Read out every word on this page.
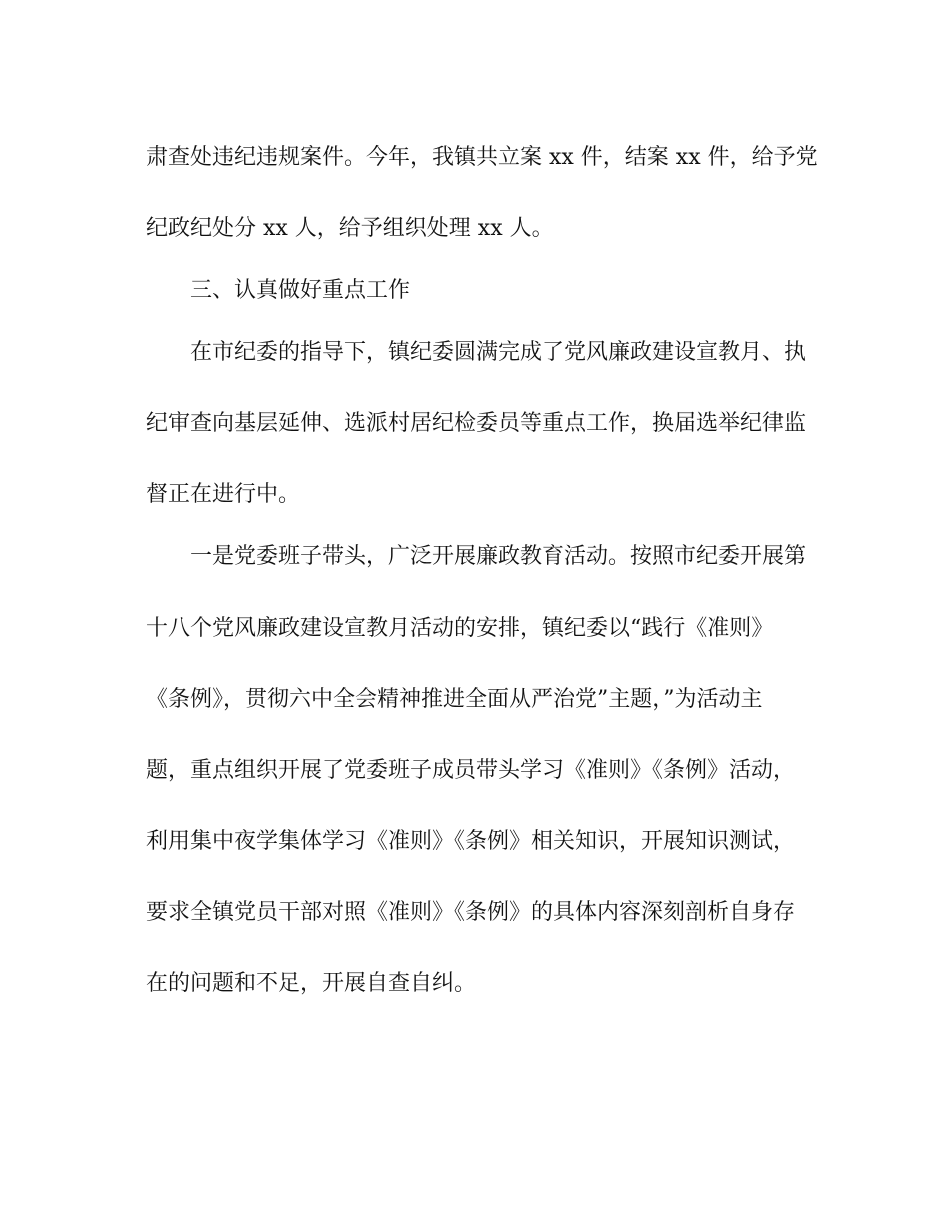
肃查处违纪违规案件。今年，我镇共立案 xx 件，结案 xx 件，给予党
纪政纪处分 xx 人，给予组织处理 xx 人。
三、认真做好重点工作
在市纪委的指导下，镇纪委圆满完成了党风廉政建设宣教月、执
纪审查向基层延伸、选派村居纪检委员等重点工作，换届选举纪律监
督正在进行中。
一是党委班子带头，广泛开展廉政教育活动。按照市纪委开展第
十八个党风廉政建设宣教月活动的安排，镇纪委以“践行《准则》
《条例》，贯彻六中全会精神推进全面从严治党”主题，”为活动主
题，重点组织开展了党委班子成员带头学习《准则》《条例》活动，
利用集中夜学集体学习《准则》《条例》相关知识，开展知识测试，
要求全镇党员干部对照《准则》《条例》的具体内容深刻剖析自身存
在的问题和不足，开展自查自纠。
